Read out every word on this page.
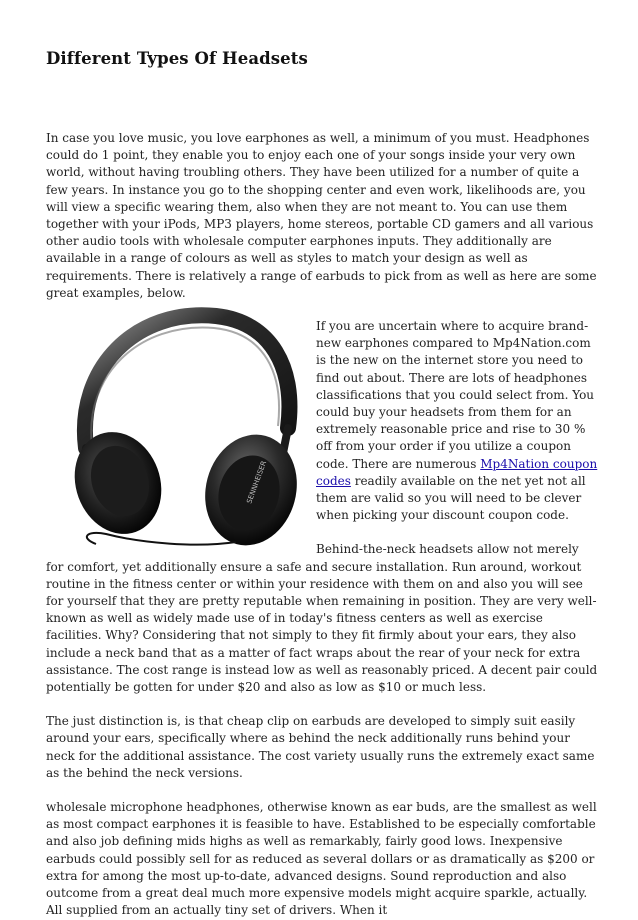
Different Types Of Headsets

In case you love music, you love earphones as well, a minimum of you must. Headphones could do 1 point, they enable you to enjoy each one of your songs inside your very own world, without having troubling others. They have been utilized for a number of quite a few years. In instance you go to the shopping center and even work, likelihoods are, you will view a specific wearing them, also when they are not meant to. You can use them together with your iPods, MP3 players, home stereos, portable CD gamers and all various other audio tools with wholesale computer earphones inputs. They additionally are available in a range of colours as well as styles to match your design as well as requirements. There is relatively a range of earbuds to pick from as well as here are some great examples, below.

SENNHEISER

If you are uncertain where to acquire brand-new earphones compared to Mp4Nation.com is the new on the internet store you need to find out about. There are lots of headphones classifications that you could select from. You could buy your headsets from them for an extremely reasonable price and rise to 30 % off from your order if you utilize a coupon code. There are numerous Mp4Nation coupon codes readily available on the net yet not all them are valid so you will need to be clever when picking your discount coupon code.

Behind-the-neck headsets allow not merely for comfort, yet additionally ensure a safe and secure installation. Run around, workout routine in the fitness center or within your residence with them on and also you will see for yourself that they are pretty reputable when remaining in position. They are very well-known as well as widely made use of in today's fitness centers as well as exercise facilities. Why? Considering that not simply to they fit firmly about your ears, they also include a neck band that as a matter of fact wraps about the rear of your neck for extra assistance. The cost range is instead low as well as reasonably priced. A decent pair could potentially be gotten for under $20 and also as low as $10 or much less.

The just distinction is, is that cheap clip on earbuds are developed to simply suit easily around your ears, specifically where as behind the neck additionally runs behind your neck for the additional assistance. The cost variety usually runs the extremely exact same as the behind the neck versions.

wholesale microphone headphones, otherwise known as ear buds, are the smallest as well as most compact earphones it is feasible to have. Established to be especially comfortable and also job defining mids highs as well as remarkably, fairly good lows. Inexpensive earbuds could possibly sell for as reduced as several dollars or as dramatically as $200 or extra for among the most up-to-date, advanced designs. Sound reproduction and also outcome from a great deal much more expensive models might acquire sparkle, actually. All supplied from an actually tiny set of drivers. When it
